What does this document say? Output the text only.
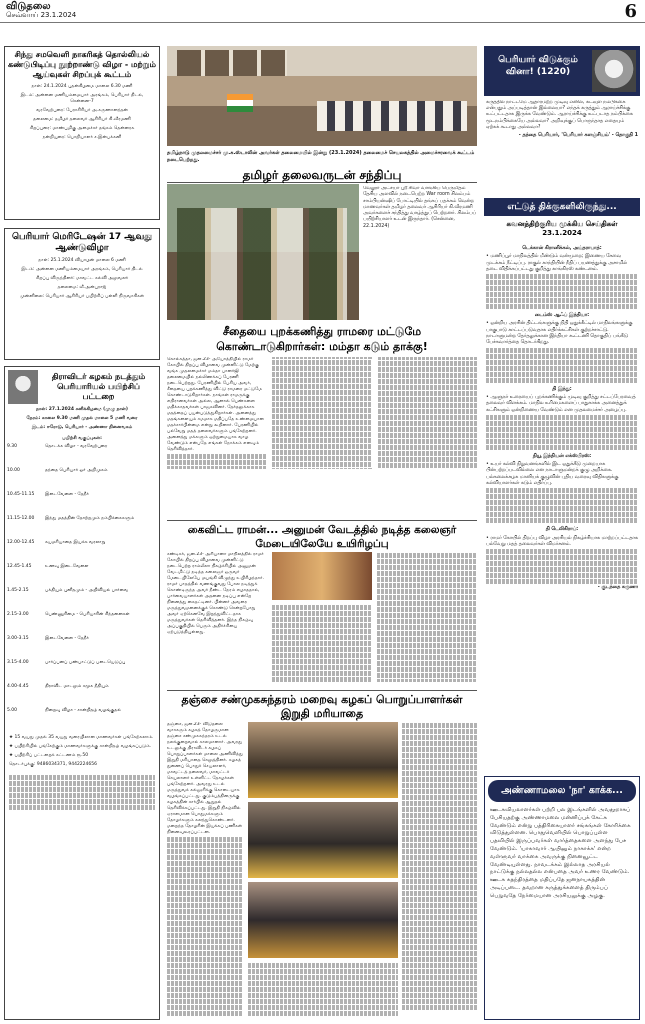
விடுதலை
செவ்வாய் 23.1.2024	6
சிந்து சமவெளி நாகரிகத் தொல்லியல் கண்டுபிடிப்பு நூற்றாண்டு விழா - மற்றும் ஆய்வுகள் சிறப்புக் கூட்டம்
நாள்: 24.1.2024 புதன்கிழமை மாலை 6.30 மணி
இடம்: அன்னை மணியம்மையார் அரங்கம், பெரியார் திடல், சென்னை-7
வரவேற்புரை: பேராசிரியர் அ.கருணானந்தன்
தலைமை: தமிழர் தலைவர் ஆசிரியர் கி.வீரமணி
சிறப்புரை: மாண்புமிகு அமைச்சர் தங்கம் தென்னரசு
நன்றியுரை: பொறியாளர் ச.இன்பக்கனி
பெரியார் மெரிடேஷன் 17 ஆவது ஆண்டுவிழா
நாள்: 25.1.2024 வியாழன் மாலை 6 மணி
இடம்: அன்னை மணியம்மையார் அரங்கம், பெரியார் திடல்
சிறப்பு விருந்தினர்: மாவட்ட கல்வி அலுவலர்
தலைமை: வீ.அன்புராஜ்
முன்னிலை: பெரியார் ஆசிரியர் பயிற்சிப் பள்ளி நிருவாகிகள்
திராவிடர் கழகம் நடத்தும் பெரியாரியல் பயிற்சிப் பட்டறை
நாள்: 27.1.2024 சனிக்கிழமை (முழு நாள்)
நேரம்: காலை 9.30 மணி முதல் மாலை 5 மணி வரை
இடம்: ஈரோடு, பெரியார் - அண்ணா நினைவகம்
பயிற்சி வகுப்புகள்:
9.30	தொடக்க விழா - வரவேற்புரை

10.00	தந்தை பெரியார் ஓர் அறிமுகம்

10.45-11.15	இடைவேளை - தேநீர்

11.15-12.00	இந்து மதத்தின் தோற்றமும் நம்பிக்கைகளும்

12.00-12.45	சுயமரியாதை இயக்க வரலாறு

12.45-1.45	உணவு இடைவேளை

1.45-2.15	பக்தியும் புனிதமும் - அறிவியல் பார்வை

2.15-3.00	பெண்ணுரிமை - பெரியாரின் சிந்தனைகள்

3.00-3.15	இடைவேளை - தேநீர்

3.15-4.00	பார்ப்பனப் பண்பாட்டுப் படையெடுப்பு

4.00-4.45	திராவிட மாடலும் சமூக நீதியும்

5.00	நிறைவு விழா - சான்றிதழ் வழங்குதல்

★ 15 வயது முதல் 35 வயது வரையிலான மாணவர்கள் பங்கேற்கலாம்.
★ பயிற்சியில் பங்கேற்கும் மாணவர்களுக்கு சான்றிதழ் வழங்கப்படும்.
★ பயிற்சிப் பட்டறைக் கட்டணம் ரூ.50
தொடர்புக்கு: 9486034371, 9442224656
தமிழ்நாடு முதலமைச்சர் மு.க.ஸ்டாலின் அவர்கள் தலைமையில் இன்று (23.1.2024) தலைமைச் செயலகத்தில் அமைச்சரவைக் கூட்டம் நடைபெற்றது.
தமிழர் தலைவருடன் சந்திப்பு
வேலூர் அட்சயா ஸ்ரீ சிவா வாங்கிய பெருமிதம் தேசிய அளவில் நடைபெற்ற War room சிலம்பம் சாம்பியன்ஷிப் போட்டியில் தங்கப் பதக்கம் வென்ற மாணவர்கள் தமிழர் தலைவர் ஆசிரியர் கி.வீரமணி அவர்களைச் சந்தித்து வாழ்த்துப் பெற்றனர். சிலம்பப் பயிற்சியாளர் உடன் இருந்தார். (சென்னை, 22.1.2024)
சீதையை புறக்கணித்து ராமரை மட்டுமே கொண்டாடுகிறார்கள்: மம்தா கடும் தாக்கு!
கொல்கத்தா, ஜன.23- அயோத்தியில் ராமர் கோயில் திறப்பு விழாவை முன்னிட்டு மேற்கு வங்க முதலமைச்சர் மம்தா பானர்ஜி தலைமையில் நல்லிணக்கப் பேரணி நடைபெற்றது. பேரணியில் பேசிய அவர், சீதையை புறக்கணித்து விட்டு ராமரை மட்டுமே கொண்டாடுகிறார்கள். நாங்கள் ராமருக்கு எதிரானவர்கள் அல்ல, ஆனால் பெண்களை மதிக்காதவர்கள் பாஜகவினர். தேர்தலுக்காக மதத்தைப் பயன்படுத்துகிறார்கள். அனைத்து மதங்களையும் சமமாக மதிப்பதே உண்மையான மதச்சார்பின்மை என்று கூறினார். பேரணியில் பல்வேறு மதத் தலைவர்களும் பங்கேற்றனர். அனைத்து மக்களும் ஒற்றுமையாக வாழ வேண்டும் என்பதே எங்கள் நோக்கம் எனவும் தெரிவித்தார்.
கைவிட்ட ராமன்... அனுமன் வேடத்தில் நடித்த கலைஞர் மேடையிலேயே உயிரிழப்பு
சண்டிகர், ஜன.23- அரியானா மாநிலத்தில் ராமர் கோயில் திறப்பு விழாவை முன்னிட்டு நடைபெற்ற ராம்லீலா நிகழ்ச்சியில் அனுமன் வேடமிட்டு நடித்த கலைஞர் ஒருவர் மேடையிலேயே மயங்கி விழுந்து உயிரிழந்தார். ராமர் பாதத்தில் வணங்குவது போல நடித்துக் கொண்டிருந்த அவர் நீண்ட நேரம் எழாததால், பார்வையாளர்கள் அதனை நடிப்பு என்றே நினைத்து கைதட்டினர். பின்னர் அவரை மருத்துவமனைக்குக் கொண்டு சென்றபோது அவர் ஏற்கெனவே இறந்துவிட்டதாக மருத்துவர்கள் தெரிவித்தனர். இந்த நிகழ்வு அப்பகுதியில் பெரும் அதிர்ச்சியை ஏற்படுத்தியுள்ளது.
தஞ்சை சண்முகசுந்தரம் மறைவு கழகப் பொறுப்பாளர்கள் இறுதி மரியாதை
தஞ்சை, ஜன.23- விடுதலை வாசகரும் கழகத் தோழருமான தஞ்சை சண்முகசுந்தரம் உடல் நலக்குறைவால் காலமானார். அவரது உடலுக்கு திராவிடர் கழகப் பொறுப்பாளர்கள் மாலை அணிவித்து இறுதி மரியாதை செலுத்தினர். கழகத் துணைப் பொதுச் செயலாளர், மாவட்டத் தலைவர், மாவட்டச் செயலாளர் உள்ளிட்ட தோழர்கள் பங்கேற்றனர். அவரது உடல் மருத்துவக் கல்லூரிக்கு கொடையாக வழங்கப்பட்டது. குடும்பத்தினருக்கு கழகத்தின் சார்பில் ஆறுதல் தெரிவிக்கப்பட்டது. இறுதி நிகழ்வில் ஏராளமான பொதுமக்களும் தோழர்களும் கலந்துகொண்டனர். மறைந்த தோழரின் இயக்கப் பணிகள் நினைவுகூரப்பட்டன.
பெரியார் விடுக்கும் வினா! (1220)
கருத்தில் நாட்டமே ஆதாரமற்ற முடிவு எனில், கடவுள் நம்பிக்கை என்பதும் அப்படித்தான் இல்லையா? எந்தக் கருத்தும் ஆராய்ச்சிக்கு உட்பட்டதாக இருக்க வேண்டும். ஆராய்ச்சிக்கு உட்படாத நம்பிக்கை மூடநம்பிக்கையே அல்லவா? அறிவுக்குப் பொருந்தாத எதையும் ஏற்கக் கூடாது அல்லவா?
- தந்தை பெரியார், 'பெரியார் களஞ்சியம்' - தொகுதி 1
எட்டுத் திக்குகளிலிருந்து...
கவனத்திற்குரிய முக்கிய செய்திகள் 23.1.2024
டெக்கான் கிரானிக்கல், அய்தராபாத்:
• மணிப்பூர் மாநிலத்தில் மீண்டும் வன்முறை; இணைய சேவை முடக்கம் நீட்டிப்பு. ராகுல் காந்தியின் நீதிப் பயணத்துக்கு அசாமில் தடை விதிக்கப்பட்டது குறித்து காங்கிரஸ் கண்டனம்.
டைம்ஸ் ஆஃப் இந்தியா:
• ஒன்றிய அரசின் திட்டங்களுக்கு நிதி ஒதுக்கீட்டில் மாநிலங்களுக்கு பாகுபாடு காட்டப்படுவதாக எதிர்க்கட்சிகள் குற்றச்சாட்டு. நாடாளுமன்ற தேர்தலுக்கான இந்தியா கூட்டணி தொகுதிப் பங்கீடு பேச்சுவார்த்தை தொடர்கிறது.
தி இந்து:
• ஆளுநர் உரையைப் புறக்கணிக்கும் முடிவு குறித்து சட்டப்பேரவைத் தலைவர் விளக்கம். மாநில உரிமைகளைப் பாதுகாக்க அனைத்துக் கட்சிகளும் ஒன்றிணைய வேண்டும் என முதலமைச்சர் அழைப்பு.
நியூ இந்தியன் எக்ஸ்பிரஸ்:
• உயர் கல்வி நிறுவனங்களில் இட ஒதுக்கீடு முறையாக பின்பற்றப்படவில்லை என நாடாளுமன்றக் குழு அறிக்கை. பல்கலைக்கழக மானியக் குழுவின் புதிய வரைவு விதிகளுக்கு கல்வியாளர்கள் கடும் எதிர்ப்பு.
தி டெலிகிராப்:
• ராமர் கோயில் திறப்பு விழா அரசியல் நிகழ்ச்சியாக மாற்றப்பட்டதாக பல்வேறு மதத் தலைவர்கள் விமர்சனம்.
- குடந்தை கருணா
அண்ணாமலை 'நா' காக்க...
ஊடகவியலாளர்கள் பற்றி பல இடங்களில் அவதூறாகப் பேசியதற்கு அண்ணாமலை மன்னிப்புக் கேட்க வேண்டும் என்று பத்திரிகையாளர் சங்கங்கள் கோரிக்கை விடுத்துள்ளன. பொதுவெளியில் பொறுப்புள்ள பதவியில் இருப்பவர்கள் வார்த்தைகளை அளந்து பேச வேண்டும். 'யாகாவார் ஆயினும் நாகாக்க' என்ற வள்ளுவர் வாக்கை அவருக்கு நினைவூட்ட வேண்டியுள்ளது. நாவடக்கம் இல்லாத அரசியல் நாட்டுக்கு நல்லதல்ல என்பதை அவர் உணர வேண்டும். ஊடக சுதந்திரத்தை மதிப்பதே ஜனநாயகத்தின் அடிப்படை. தவறான கருத்துக்களைத் திரும்பப் பெறுவதே நேர்மையான அரசியலுக்கு அழகு.
